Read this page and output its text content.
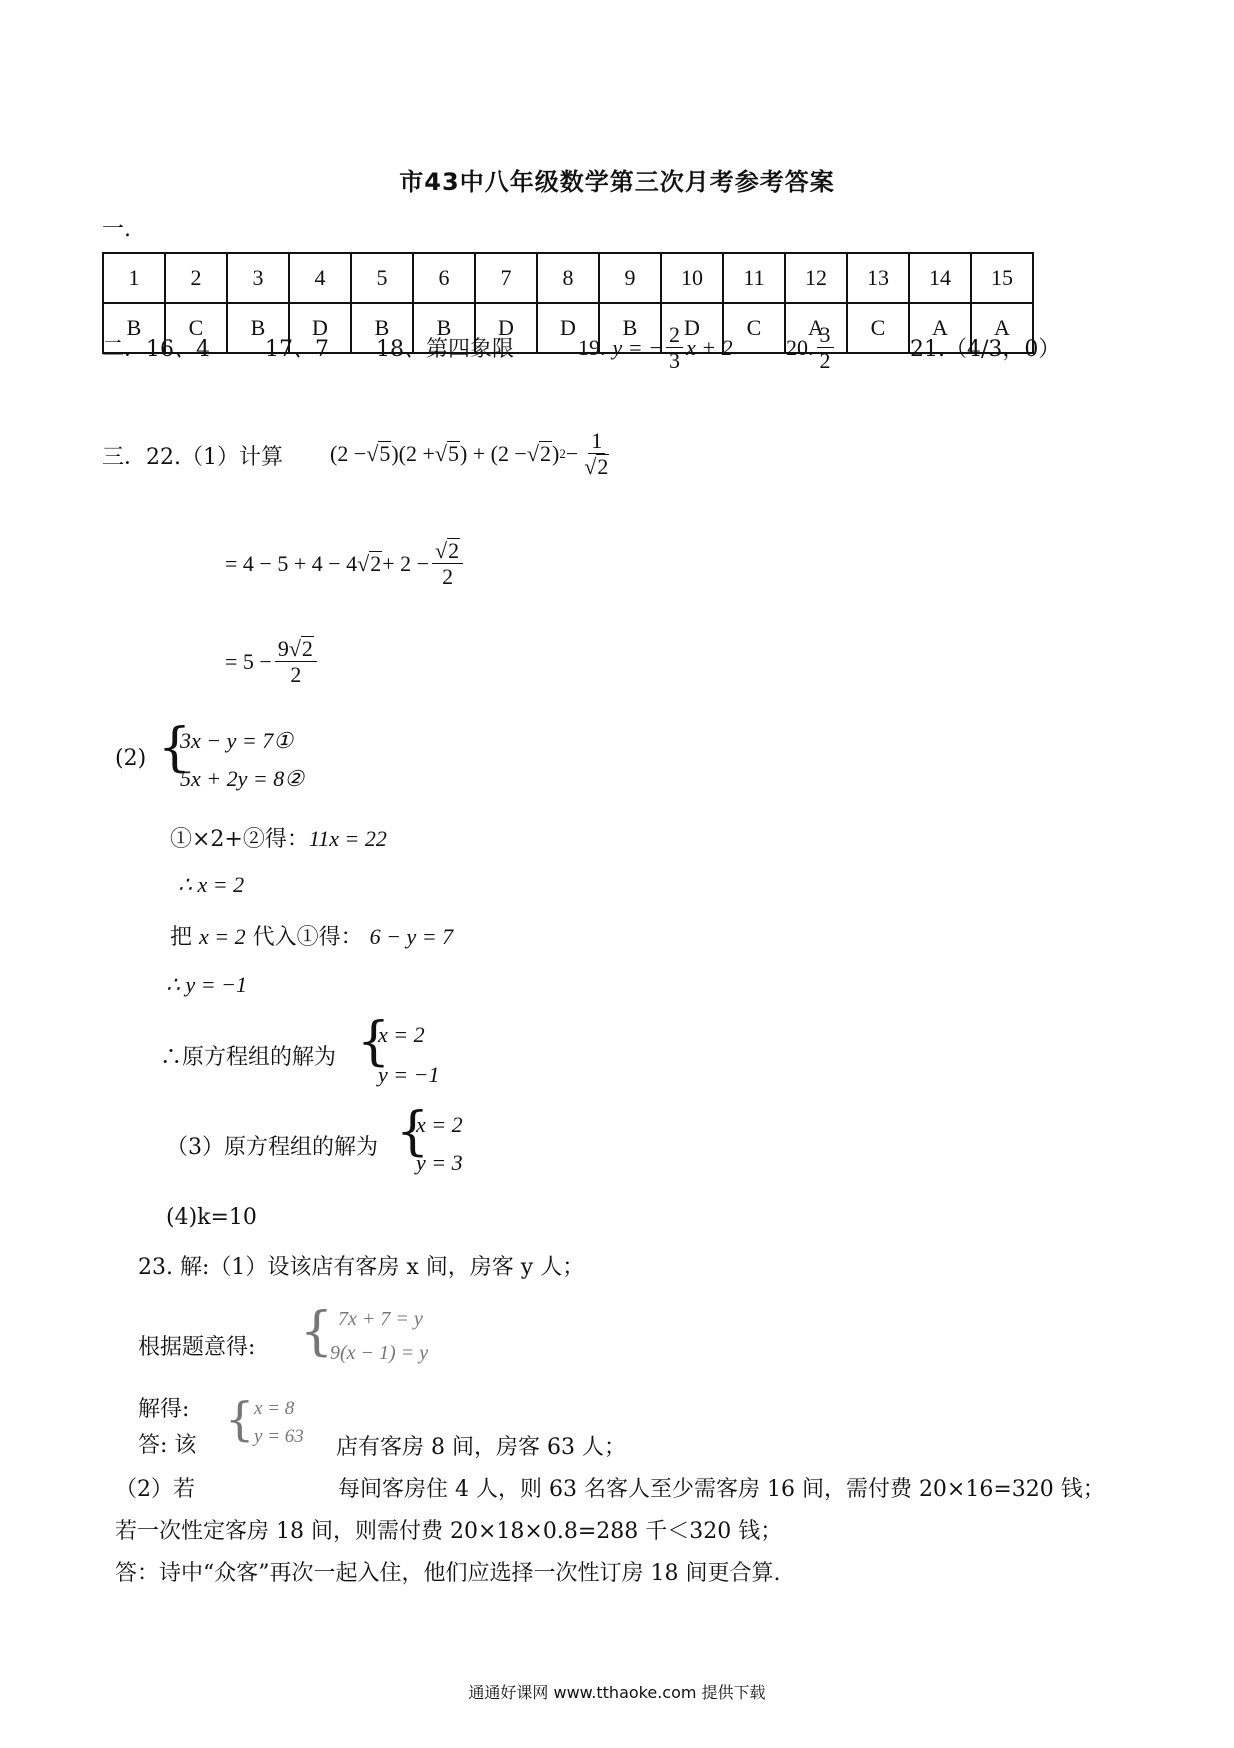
市43中八年级数学第三次月考参考答案
一.
1	2	3	4	5	6	7	8	9	10	11	12	13	14	15
B	C	B	D	B	B	D	D	B	D	C	A	C	A	A
二．16、4	17、7 18、第四象限	19.
y = − $\frac{2}{3}$ x + 2 20. $\frac{3}{2}$	21.（4/3，0）
三．22.（1）计算 (2 − √ 5 )(2 + √ 5 ) + (2 − √ 2 ) $2 - \frac{1}{√ 2}$
= 4 − 5 + 4 − 4 √ $2 + 2 - \frac{√ 2}{2}$
= $5 - \frac{9 √ 2}{2}$
(2) {
3x − y = 7①
5x + 2y = 8②
①×2+②得：11x = 22
∴ x = 2
把 x = 2 代入①得： 6 − y = 7
∴ y = −1
∴原方程组的解为 {
x = 2
y = −1
（3）原方程组的解为 {
x = 2
y = 3
(4)k=10
23. 解:（1）设该店有客房 x 间，房客 y 人；
根据题意得: { 7x + 7 = y
9(x − 1) = y
解得:
答: 该 { x = 8
y = 63 店有客房 8 间，房客 63 人；
（2）若	每间客房住 4 人，则 63 名客人至少需客房 16 间，需付费 20×16=320 钱；
若一次性定客房 18 间，则需付费 20×18×0.8=288 千＜320 钱；
答：诗中“众客”再次一起入住，他们应选择一次性订房 18 间更合算.
通通好课网 www.tthaoke.com 提供下载
